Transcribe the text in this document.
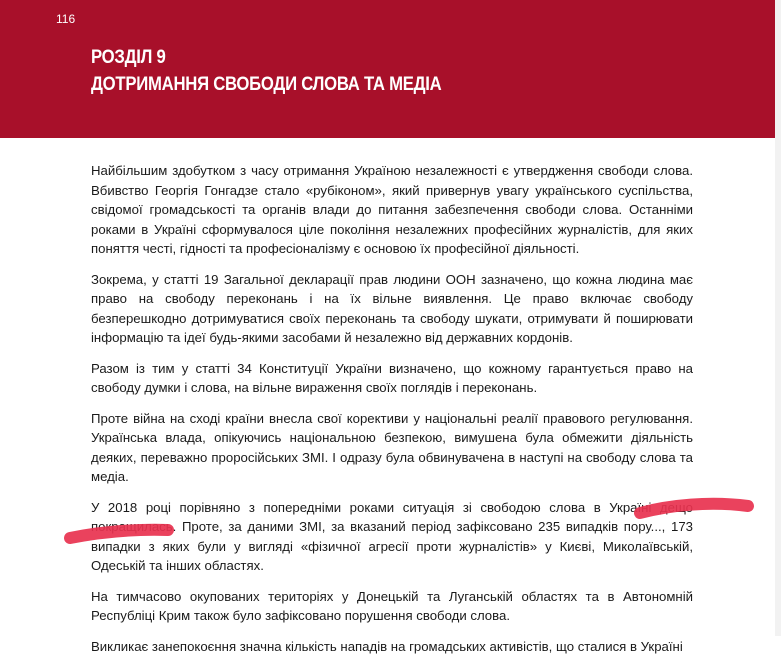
116
РОЗДІЛ 9
ДОТРИМАННЯ СВОБОДИ СЛОВА ТА МЕДІА

Найбільшим здобутком з часу отримання Україною незалежності є утвердження свободи слова. Вбивство Георгія Гонгадзе стало «рубіконом», який привернув увагу українського суспільства, свідомої громадськості та органів влади до питання забезпечення свободи слова. Останніми роками в Україні сформувалося ціле покоління незалежних професійних журналістів, для яких поняття честі, гідності та професіоналізму є основою їх професійної діяльності.

Зокрема, у статті 19 Загальної декларації прав людини ООН зазначено, що кожна людина має право на свободу переконань і на їх вільне виявлення. Це право включає свободу безперешкодно дотримуватися своїх переконань та свободу шукати, отримувати й поширювати інформацію та ідеї будь-якими засобами й незалежно від державних кордонів.

Разом із тим у статті 34 Конституції України визначено, що кожному гарантується право на свободу думки і слова, на вільне вираження своїх поглядів і переконань.

Проте війна на сході країни внесла свої корективи у національні реалії правового регулювання. Українська влада, опікуючись національною безпекою, вимушена була обмежити діяльність деяких, переважно проросійських ЗМІ. І одразу була обвинувачена в наступі на свободу слова та медіа.

У 2018 році порівняно з попередніми роками ситуація зі свободою слова в Україні дещо покращилась. Проте, за даними ЗМІ, за вказаний період зафіксовано 235 випадків пору..., 173 випадки з яких були у вигляді «фізичної агресії проти журналістів» у Києві, Миколаївській, Одеській та інших областях.

На тимчасово окупованих територіях у Донецькій та Луганській областях та в Автономній Республіці Крим також було зафіксовано порушення свободи слова.

Викликає занепокоєння значна кількість нападів на громадських активістів, що сталися в Україні
